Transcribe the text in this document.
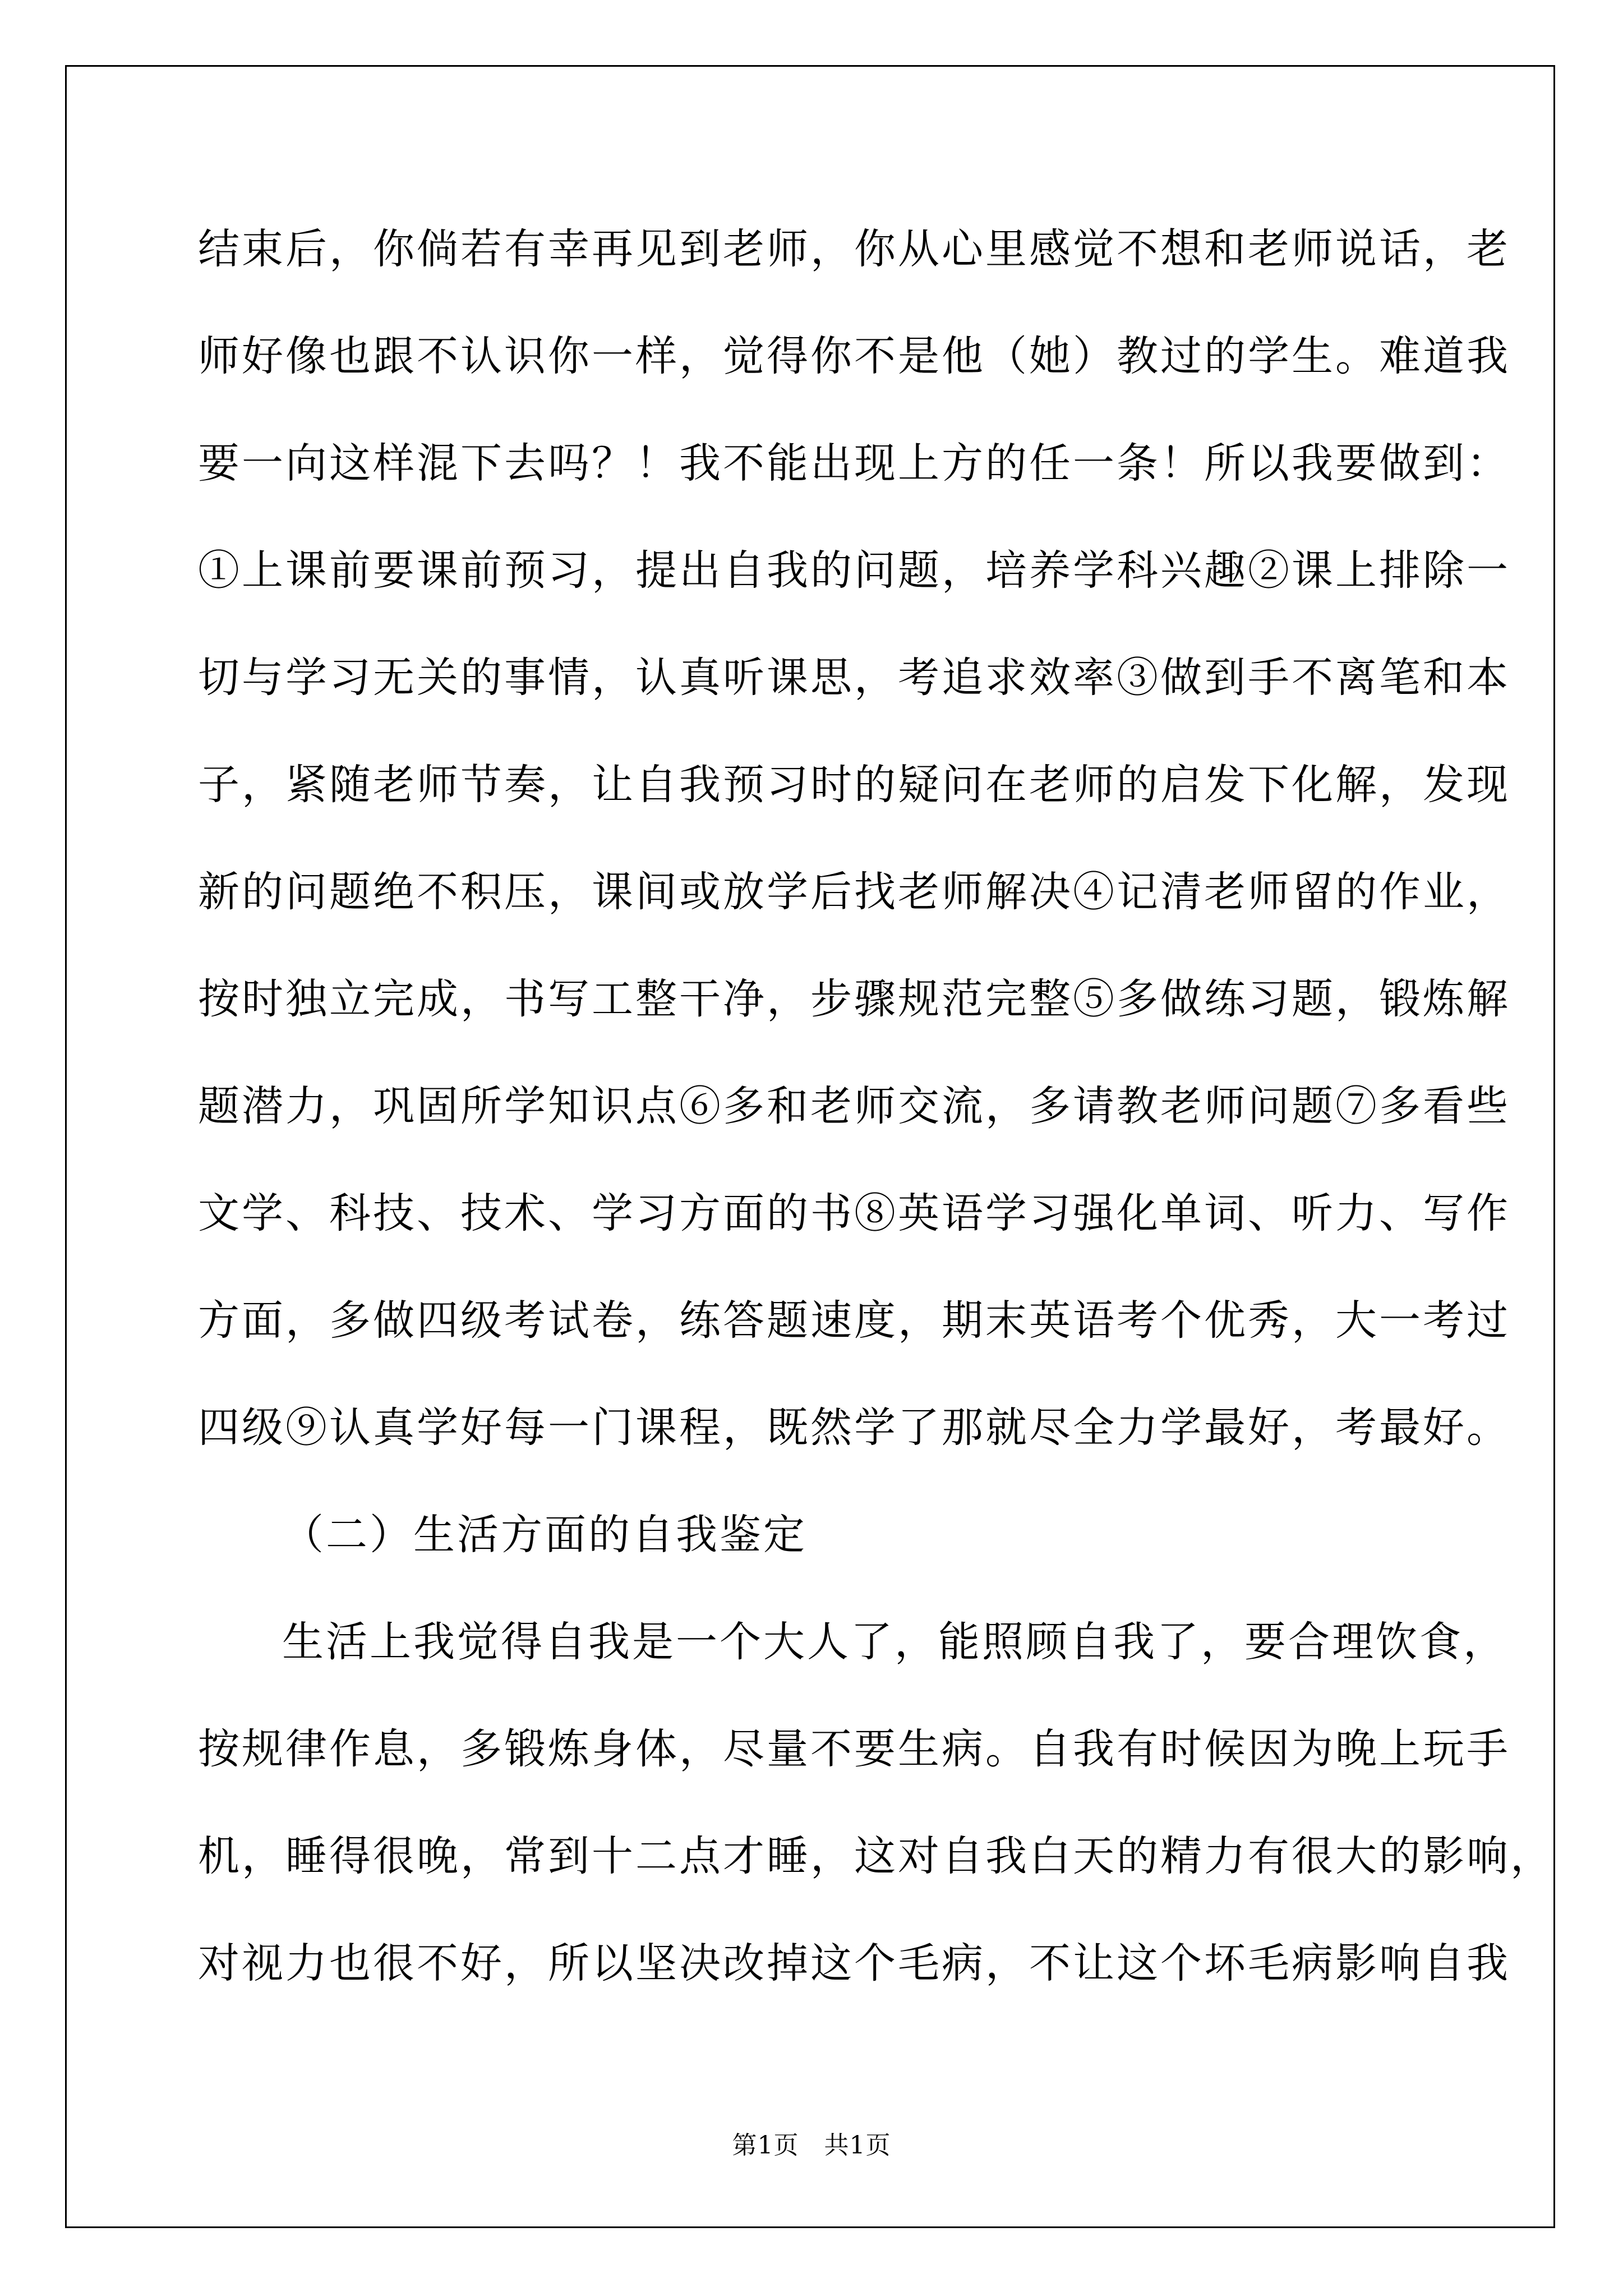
结束后，你倘若有幸再见到老师，你从心里感觉不想和老师说话，老
师好像也跟不认识你一样，觉得你不是他（她）教过的学生。难道我
要一向这样混下去吗？！我不能出现上方的任一条！所以我要做到：
①上课前要课前预习，提出自我的问题，培养学科兴趣②课上排除一
切与学习无关的事情，认真听课思，考追求效率③做到手不离笔和本
子，紧随老师节奏，让自我预习时的疑问在老师的启发下化解，发现
新的问题绝不积压，课间或放学后找老师解决④记清老师留的作业，
按时独立完成，书写工整干净，步骤规范完整⑤多做练习题，锻炼解
题潜力，巩固所学知识点⑥多和老师交流，多请教老师问题⑦多看些
文学、科技、技术、学习方面的书⑧英语学习强化单词、听力、写作
方面，多做四级考试卷，练答题速度，期末英语考个优秀，大一考过
四级⑨认真学好每一门课程，既然学了那就尽全力学最好，考最好。
（二）生活方面的自我鉴定
生活上我觉得自我是一个大人了，能照顾自我了，要合理饮食，
按规律作息，多锻炼身体，尽量不要生病。自我有时候因为晚上玩手
机，睡得很晚，常到十二点才睡，这对自我白天的精力有很大的影响，
对视力也很不好，所以坚决改掉这个毛病，不让这个坏毛病影响自我
第1页　共1页
